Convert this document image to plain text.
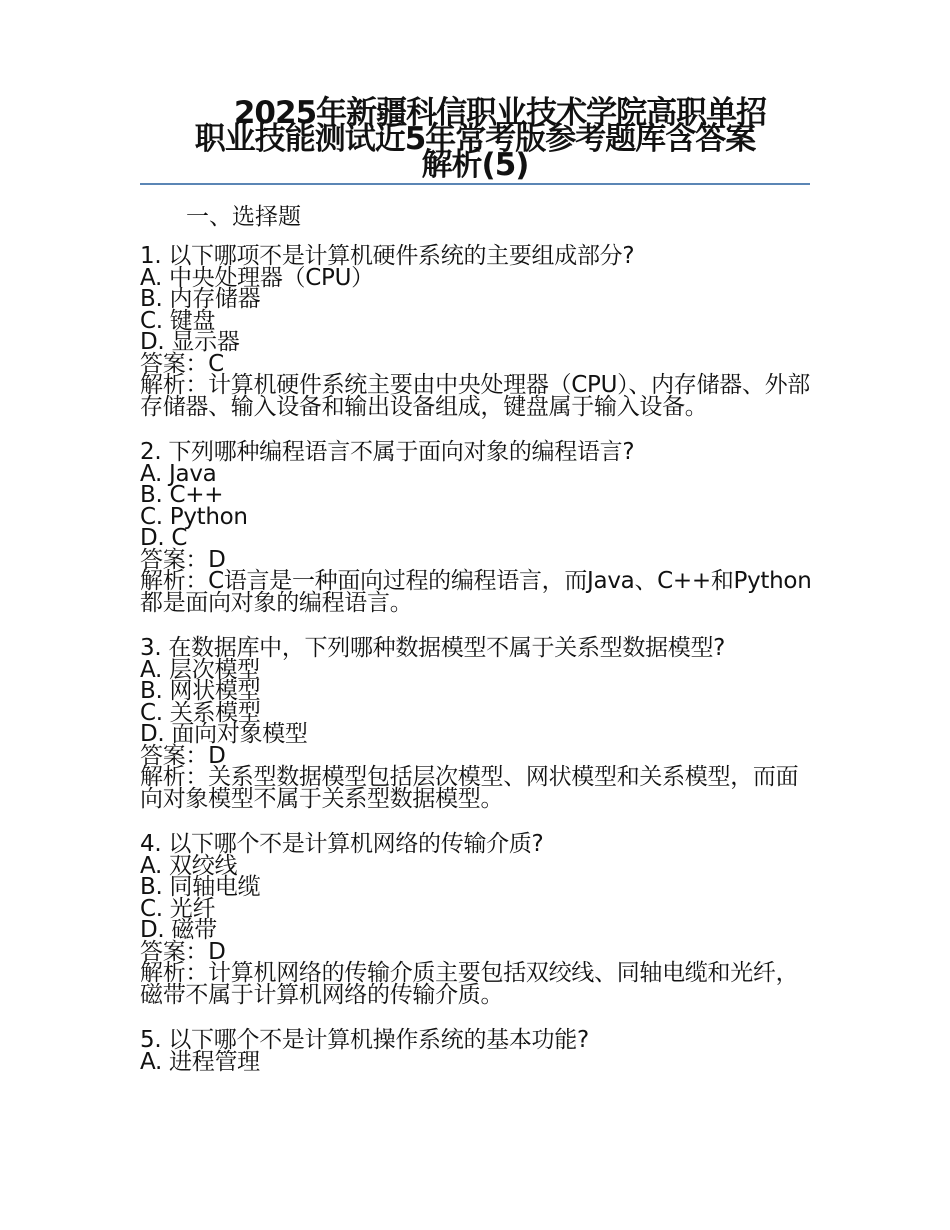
2025年新疆科信职业技术学院高职单招
职业技能测试近5年常考版参考题库含答案
解析(5)
一、选择题
1. 以下哪项不是计算机硬件系统的主要组成部分?
A. 中央处理器（CPU）
B. 内存储器
C. 键盘
D. 显示器
答案：C
解析：计算机硬件系统主要由中央处理器（CPU）、内存储器、外部存储器、输入设备和输出设备组成，键盘属于输入设备。
2. 下列哪种编程语言不属于面向对象的编程语言?
A. Java
B. C++
C. Python
D. C
答案：D
解析：C语言是一种面向过程的编程语言，而Java、C++和Python都是面向对象的编程语言。
3. 在数据库中，下列哪种数据模型不属于关系型数据模型?
A. 层次模型
B. 网状模型
C. 关系模型
D. 面向对象模型
答案：D
解析：关系型数据模型包括层次模型、网状模型和关系模型，而面向对象模型不属于关系型数据模型。
4. 以下哪个不是计算机网络的传输介质?
A. 双绞线
B. 同轴电缆
C. 光纤
D. 磁带
答案：D
解析：计算机网络的传输介质主要包括双绞线、同轴电缆和光纤，磁带不属于计算机网络的传输介质。
5. 以下哪个不是计算机操作系统的基本功能?
A. 进程管理
